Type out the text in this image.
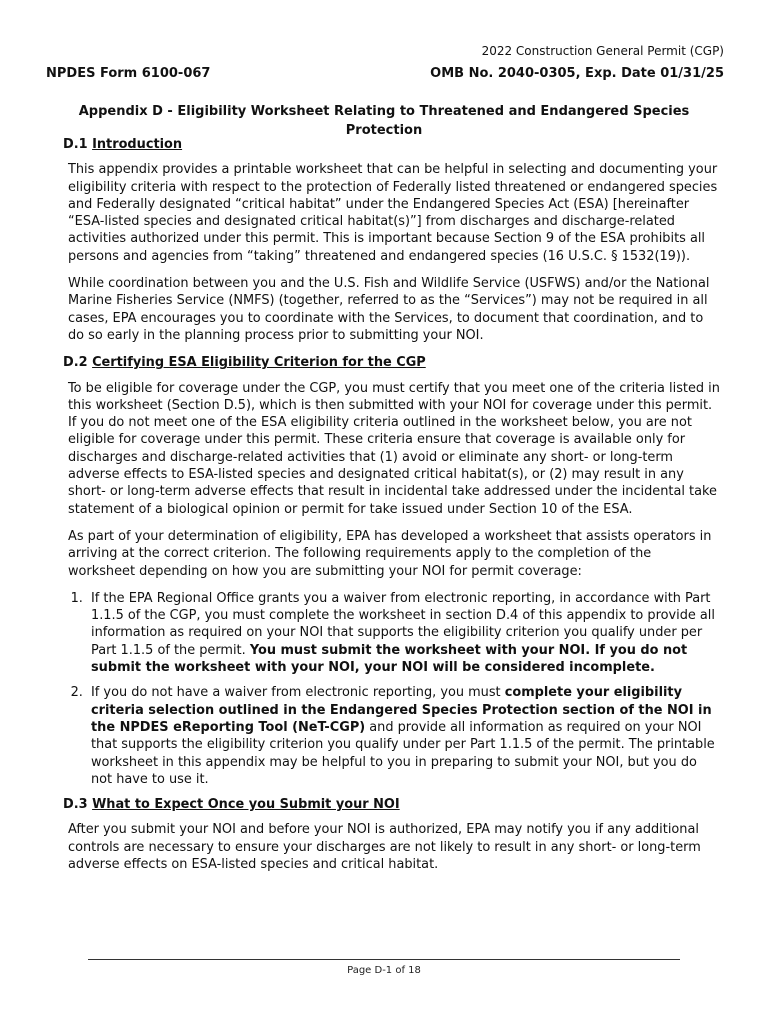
2022 Construction General Permit (CGP)
NPDES Form 6100-067	OMB No. 2040-0305, Exp. Date 01/31/25
Appendix D - Eligibility Worksheet Relating to Threatened and Endangered Species Protection
D.1 Introduction

This appendix provides a printable worksheet that can be helpful in selecting and documenting your eligibility criteria with respect to the protection of Federally listed threatened or endangered species and Federally designated “critical habitat” under the Endangered Species Act (ESA) [hereinafter “ESA-listed species and designated critical habitat(s)”] from discharges and discharge-related activities authorized under this permit. This is important because Section 9 of the ESA prohibits all persons and agencies from “taking” threatened and endangered species (16 U.S.C. § 1532(19)).

While coordination between you and the U.S. Fish and Wildlife Service (USFWS) and/or the National Marine Fisheries Service (NMFS) (together, referred to as the “Services”) may not be required in all cases, EPA encourages you to coordinate with the Services, to document that coordination, and to do so early in the planning process prior to submitting your NOI.

D.2 Certifying ESA Eligibility Criterion for the CGP

To be eligible for coverage under the CGP, you must certify that you meet one of the criteria listed in this worksheet (Section D.5), which is then submitted with your NOI for coverage under this permit. If you do not meet one of the ESA eligibility criteria outlined in the worksheet below, you are not eligible for coverage under this permit. These criteria ensure that coverage is available only for discharges and discharge-related activities that (1) avoid or eliminate any short- or long-term adverse effects to ESA-listed species and designated critical habitat(s), or (2) may result in any short- or long-term adverse effects that result in incidental take addressed under the incidental take statement of a biological opinion or permit for take issued under Section 10 of the ESA.

As part of your determination of eligibility, EPA has developed a worksheet that assists operators in arriving at the correct criterion. The following requirements apply to the completion of the worksheet depending on how you are submitting your NOI for permit coverage:

1. If the EPA Regional Office grants you a waiver from electronic reporting, in accordance with Part 1.1.5 of the CGP, you must complete the worksheet in section D.4 of this appendix to provide all information as required on your NOI that supports the eligibility criterion you qualify under per Part 1.1.5 of the permit. You must submit the worksheet with your NOI. If you do not submit the worksheet with your NOI, your NOI will be considered incomplete.
2. If you do not have a waiver from electronic reporting, you must complete your eligibility criteria selection outlined in the Endangered Species Protection section of the NOI in the NPDES eReporting Tool (NeT-CGP) and provide all information as required on your NOI that supports the eligibility criterion you qualify under per Part 1.1.5 of the permit. The printable worksheet in this appendix may be helpful to you in preparing to submit your NOI, but you do not have to use it.
D.3 What to Expect Once you Submit your NOI

After you submit your NOI and before your NOI is authorized, EPA may notify you if any additional controls are necessary to ensure your discharges are not likely to result in any short- or long-term adverse effects on ESA-listed species and critical habitat.

Page D-1 of 18
